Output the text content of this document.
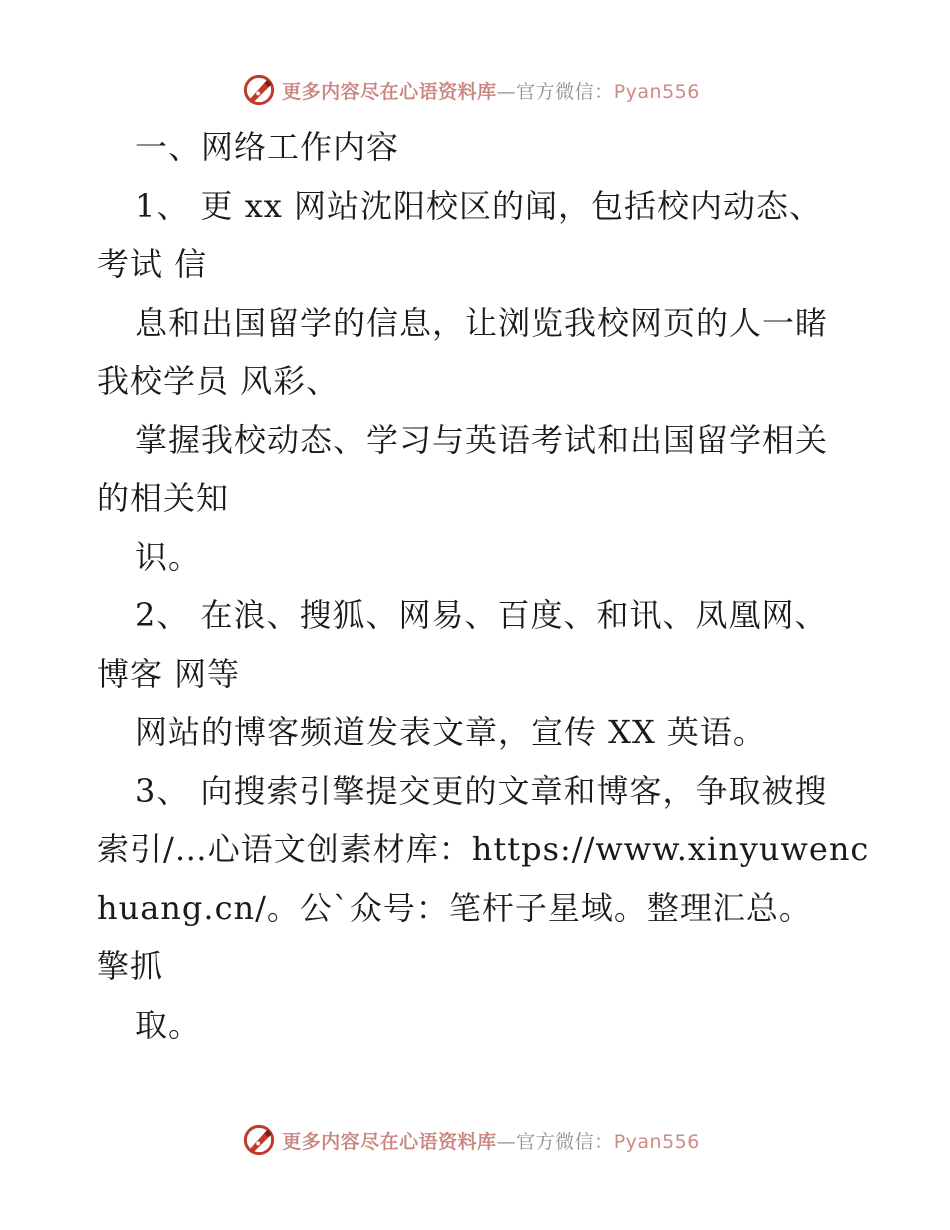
更多内容尽在心语资料库—官方微信：Pyan556
一、网络工作内容
1、 更 xx 网站沈阳校区的闻，包括校内动态、
考试 信
息和出国留学的信息，让浏览我校网页的人一睹
我校学员 风彩、
掌握我校动态、学习与英语考试和出国留学相关
的相关知
识。
2、 在浪、搜狐、网易、百度、和讯、凤凰网、
博客 网等
网站的博客频道发表文章，宣传 XX 英语。
3、 向搜索引擎提交更的文章和博客，争取被搜
索引/…心语文创素材库：https://www.xinyuwenc
huang.cn/。公`众号：笔杆子星域。整理汇总。
擎抓
取。
更多内容尽在心语资料库—官方微信：Pyan556
